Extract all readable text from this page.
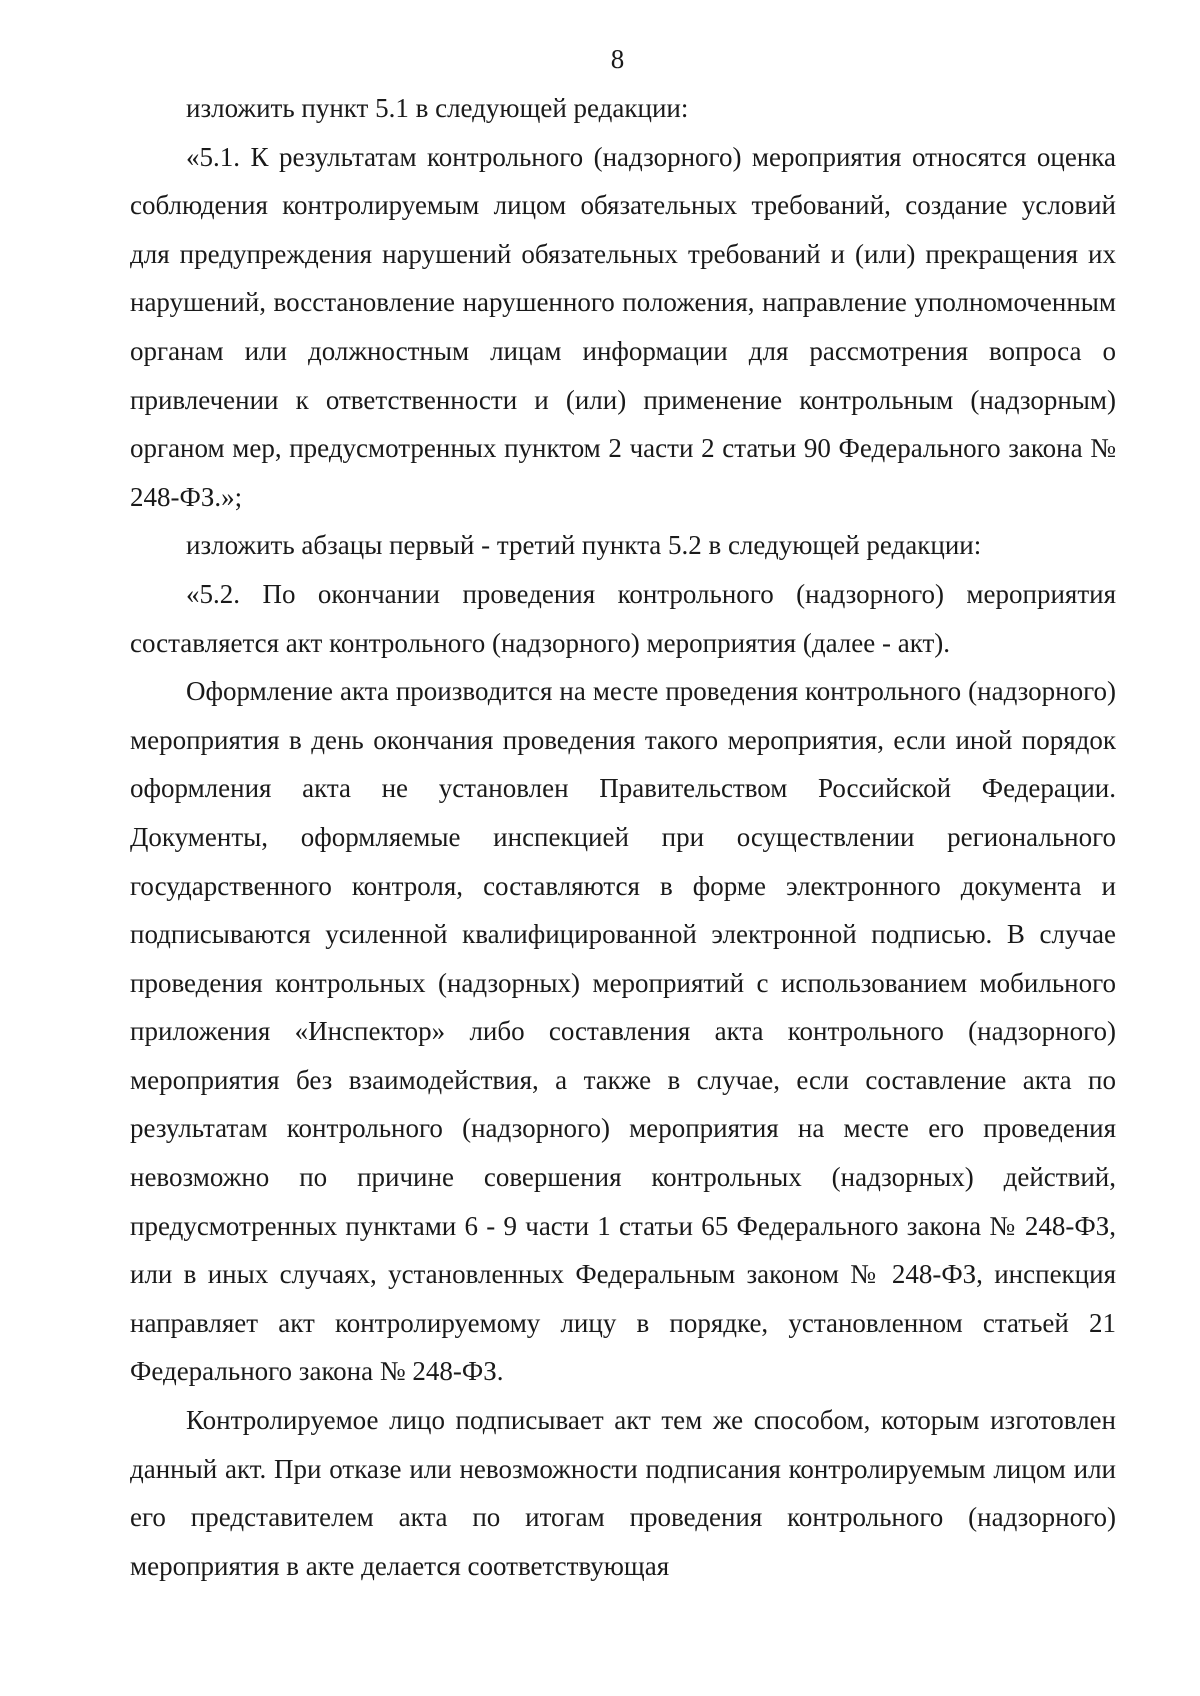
8

изложить пункт 5.1 в следующей редакции:

«5.1. К результатам контрольного (надзорного) мероприятия относятся оценка соблюдения контролируемым лицом обязательных требований, создание условий для предупреждения нарушений обязательных требований и (или) прекращения их нарушений, восстановление нарушенного положения, направление уполномоченным органам или должностным лицам информации для рассмотрения вопроса о привлечении к ответственности и (или) применение контрольным (надзорным) органом мер, предусмотренных пунктом 2 части 2 статьи 90 Федерального закона № 248-ФЗ.»;

изложить абзацы первый - третий пункта 5.2 в следующей редакции:

«5.2. По окончании проведения контрольного (надзорного) мероприятия составляется акт контрольного (надзорного) мероприятия (далее - акт).

Оформление акта производится на месте проведения контрольного (надзорного) мероприятия в день окончания проведения такого мероприятия, если иной порядок оформления акта не установлен Правительством Российской Федерации. Документы, оформляемые инспекцией при осуществлении регионального государственного контроля, составляются в форме электронного документа и подписываются усиленной квалифицированной электронной подписью. В случае проведения контрольных (надзорных) мероприятий с использованием мобильного приложения «Инспектор» либо составления акта контрольного (надзорного) мероприятия без взаимодействия, а также в случае, если составление акта по результатам контрольного (надзорного) мероприятия на месте его проведения невозможно по причине совершения контрольных (надзорных) действий, предусмотренных пунктами 6 - 9 части 1 статьи 65 Федерального закона № 248-ФЗ, или в иных случаях, установленных Федеральным законом № 248-ФЗ, инспекция направляет акт контролируемому лицу в порядке, установленном статьей 21 Федерального закона № 248-ФЗ.

Контролируемое лицо подписывает акт тем же способом, которым изготовлен данный акт. При отказе или невозможности подписания контролируемым лицом или его представителем акта по итогам проведения контрольного (надзорного) мероприятия в акте делается соответствующая
